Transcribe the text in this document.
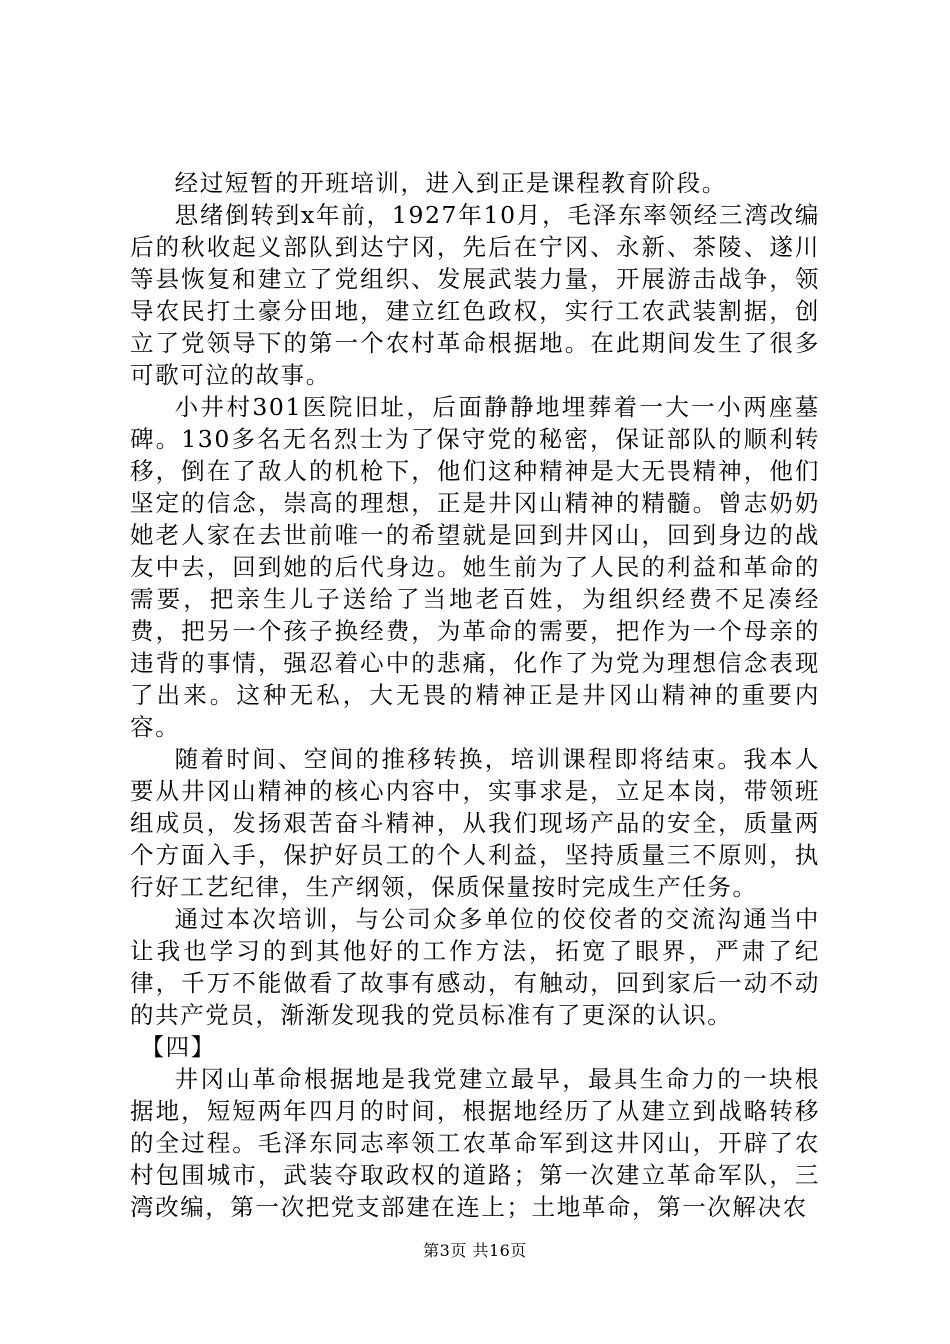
经过短暂的开班培训，进入到正是课程教育阶段。

思绪倒转到x年前，1927年10月，毛泽东率领经三湾改编后的秋收起义部队到达宁冈，先后在宁冈、永新、茶陵、遂川等县恢复和建立了党组织、发展武装力量，开展游击战争，领导农民打土豪分田地，建立红色政权，实行工农武装割据，创立了党领导下的第一个农村革命根据地。在此期间发生了很多可歌可泣的故事。

小井村301医院旧址，后面静静地埋葬着一大一小两座墓碑。130多名无名烈士为了保守党的秘密，保证部队的顺利转移，倒在了敌人的机枪下，他们这种精神是大无畏精神，他们坚定的信念，崇高的理想，正是井冈山精神的精髓。曾志奶奶她老人家在去世前唯一的希望就是回到井冈山，回到身边的战友中去，回到她的后代身边。她生前为了人民的利益和革命的需要，把亲生儿子送给了当地老百姓，为组织经费不足凑经费，把另一个孩子换经费，为革命的需要，把作为一个母亲的违背的事情，强忍着心中的悲痛，化作了为党为理想信念表现了出来。这种无私，大无畏的精神正是井冈山精神的重要内容。

随着时间、空间的推移转换，培训课程即将结束。我本人要从井冈山精神的核心内容中，实事求是，立足本岗，带领班组成员，发扬艰苦奋斗精神，从我们现场产品的安全，质量两个方面入手，保护好员工的个人利益，坚持质量三不原则，执行好工艺纪律，生产纲领，保质保量按时完成生产任务。

通过本次培训，与公司众多单位的佼佼者的交流沟通当中让我也学习的到其他好的工作方法，拓宽了眼界，严肃了纪律，千万不能做看了故事有感动，有触动，回到家后一动不动的共产党员，渐渐发现我的党员标准有了更深的认识。

【四】

井冈山革命根据地是我党建立最早，最具生命力的一块根据地，短短两年四月的时间，根据地经历了从建立到战略转移的全过程。毛泽东同志率领工农革命军到这井冈山，开辟了农村包围城市，武装夺取政权的道路；第一次建立革命军队，三湾改编，第一次把党支部建在连上；土地革命，第一次解决农

第3页 共16页
